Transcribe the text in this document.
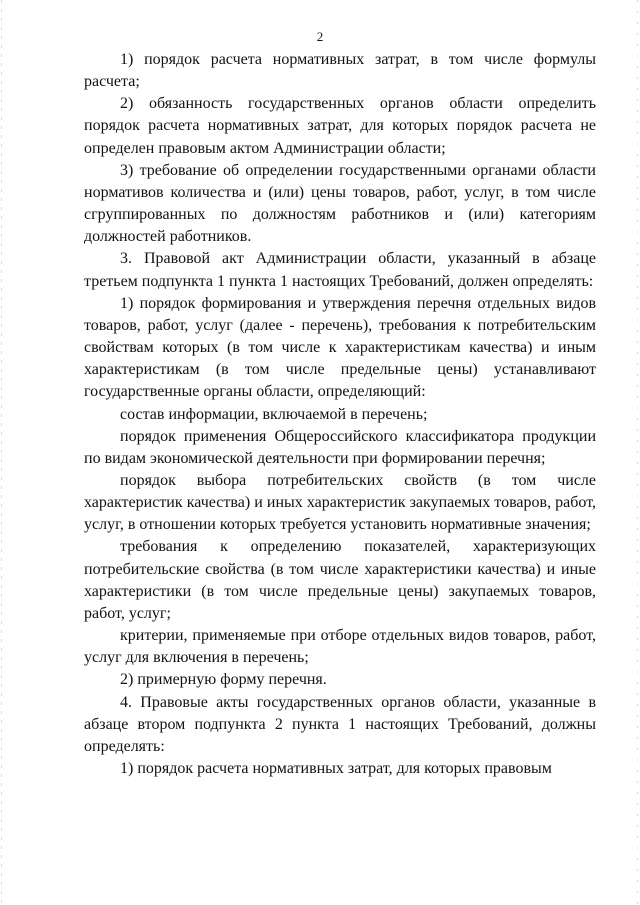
2

1) порядок расчета нормативных затрат, в том числе формулы расчета;

2) обязанность государственных органов области определить порядок расчета нормативных затрат, для которых порядок расчета не определен правовым актом Администрации области;

3) требование об определении государственными органами области нормативов количества и (или) цены товаров, работ, услуг, в том числе сгруппированных по должностям работников и (или) категориям должностей работников.

3. Правовой акт Администрации области, указанный в абзаце третьем подпункта 1 пункта 1 настоящих Требований, должен определять:

1) порядок формирования и утверждения перечня отдельных видов товаров, работ, услуг (далее - перечень), требования к потребительским свойствам которых (в том числе к характеристикам качества) и иным характеристикам (в том числе предельные цены) устанавливают государственные органы области, определяющий:

состав информации, включаемой в перечень;

порядок применения Общероссийского классификатора продукции по видам экономической деятельности при формировании перечня;

порядок выбора потребительских свойств (в том числе характеристик качества) и иных характеристик закупаемых товаров, работ, услуг, в отношении которых требуется установить нормативные значения;

требования к определению показателей, характеризующих потребительские свойства (в том числе характеристики качества) и иные характеристики (в том числе предельные цены) закупаемых товаров, работ, услуг;

критерии, применяемые при отборе отдельных видов товаров, работ, услуг для включения в перечень;

2) примерную форму перечня.

4. Правовые акты государственных органов области, указанные в абзаце втором подпункта 2 пункта 1 настоящих Требований, должны определять:

1) порядок расчета нормативных затрат, для которых правовым
